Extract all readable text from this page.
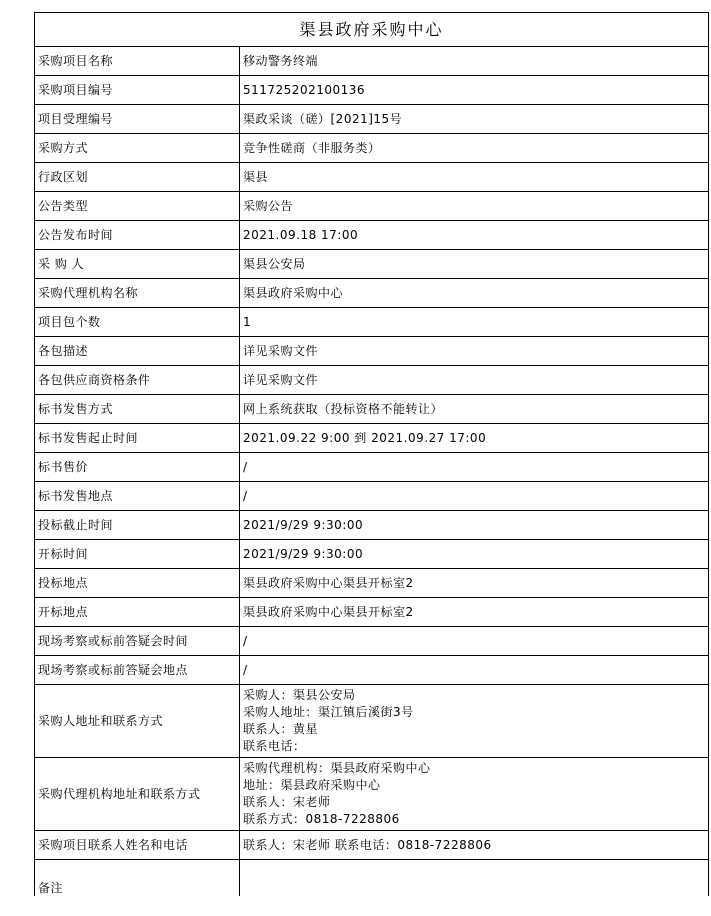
渠县政府采购中心	
采购项目名称	移动警务终端
采购项目编号	511725202100136
项目受理编号	渠政采谈（磋）[2021]15号
采购方式	竞争性磋商（非服务类）
行政区划	渠县
公告类型	采购公告
公告发布时间	2021.09.18 17:00
采 购 人	渠县公安局
采购代理机构名称	渠县政府采购中心
项目包个数	1
各包描述	详见采购文件
各包供应商资格条件	详见采购文件
标书发售方式	网上系统获取（投标资格不能转让）
标书发售起止时间	2021.09.22 9:00 到 2021.09.27 17:00
标书售价	/
标书发售地点	/
投标截止时间	2021/9/29 9:30:00
开标时间	2021/9/29 9:30:00
投标地点	渠县政府采购中心渠县开标室2
开标地点	渠县政府采购中心渠县开标室2
现场考察或标前答疑会时间	/
现场考察或标前答疑会地点	/
采购人地址和联系方式	采购人：渠县公安局
采购人地址：渠江镇后溪街3号
联系人：黄星
联系电话：

采购代理机构地址和联系方式	采购代理机构：渠县政府采购中心
地址：渠县政府采购中心
联系人：宋老师
联系方式：0818-7228806

采购项目联系人姓名和电话	联系人：宋老师 联系电话：0818-7228806
备注	
